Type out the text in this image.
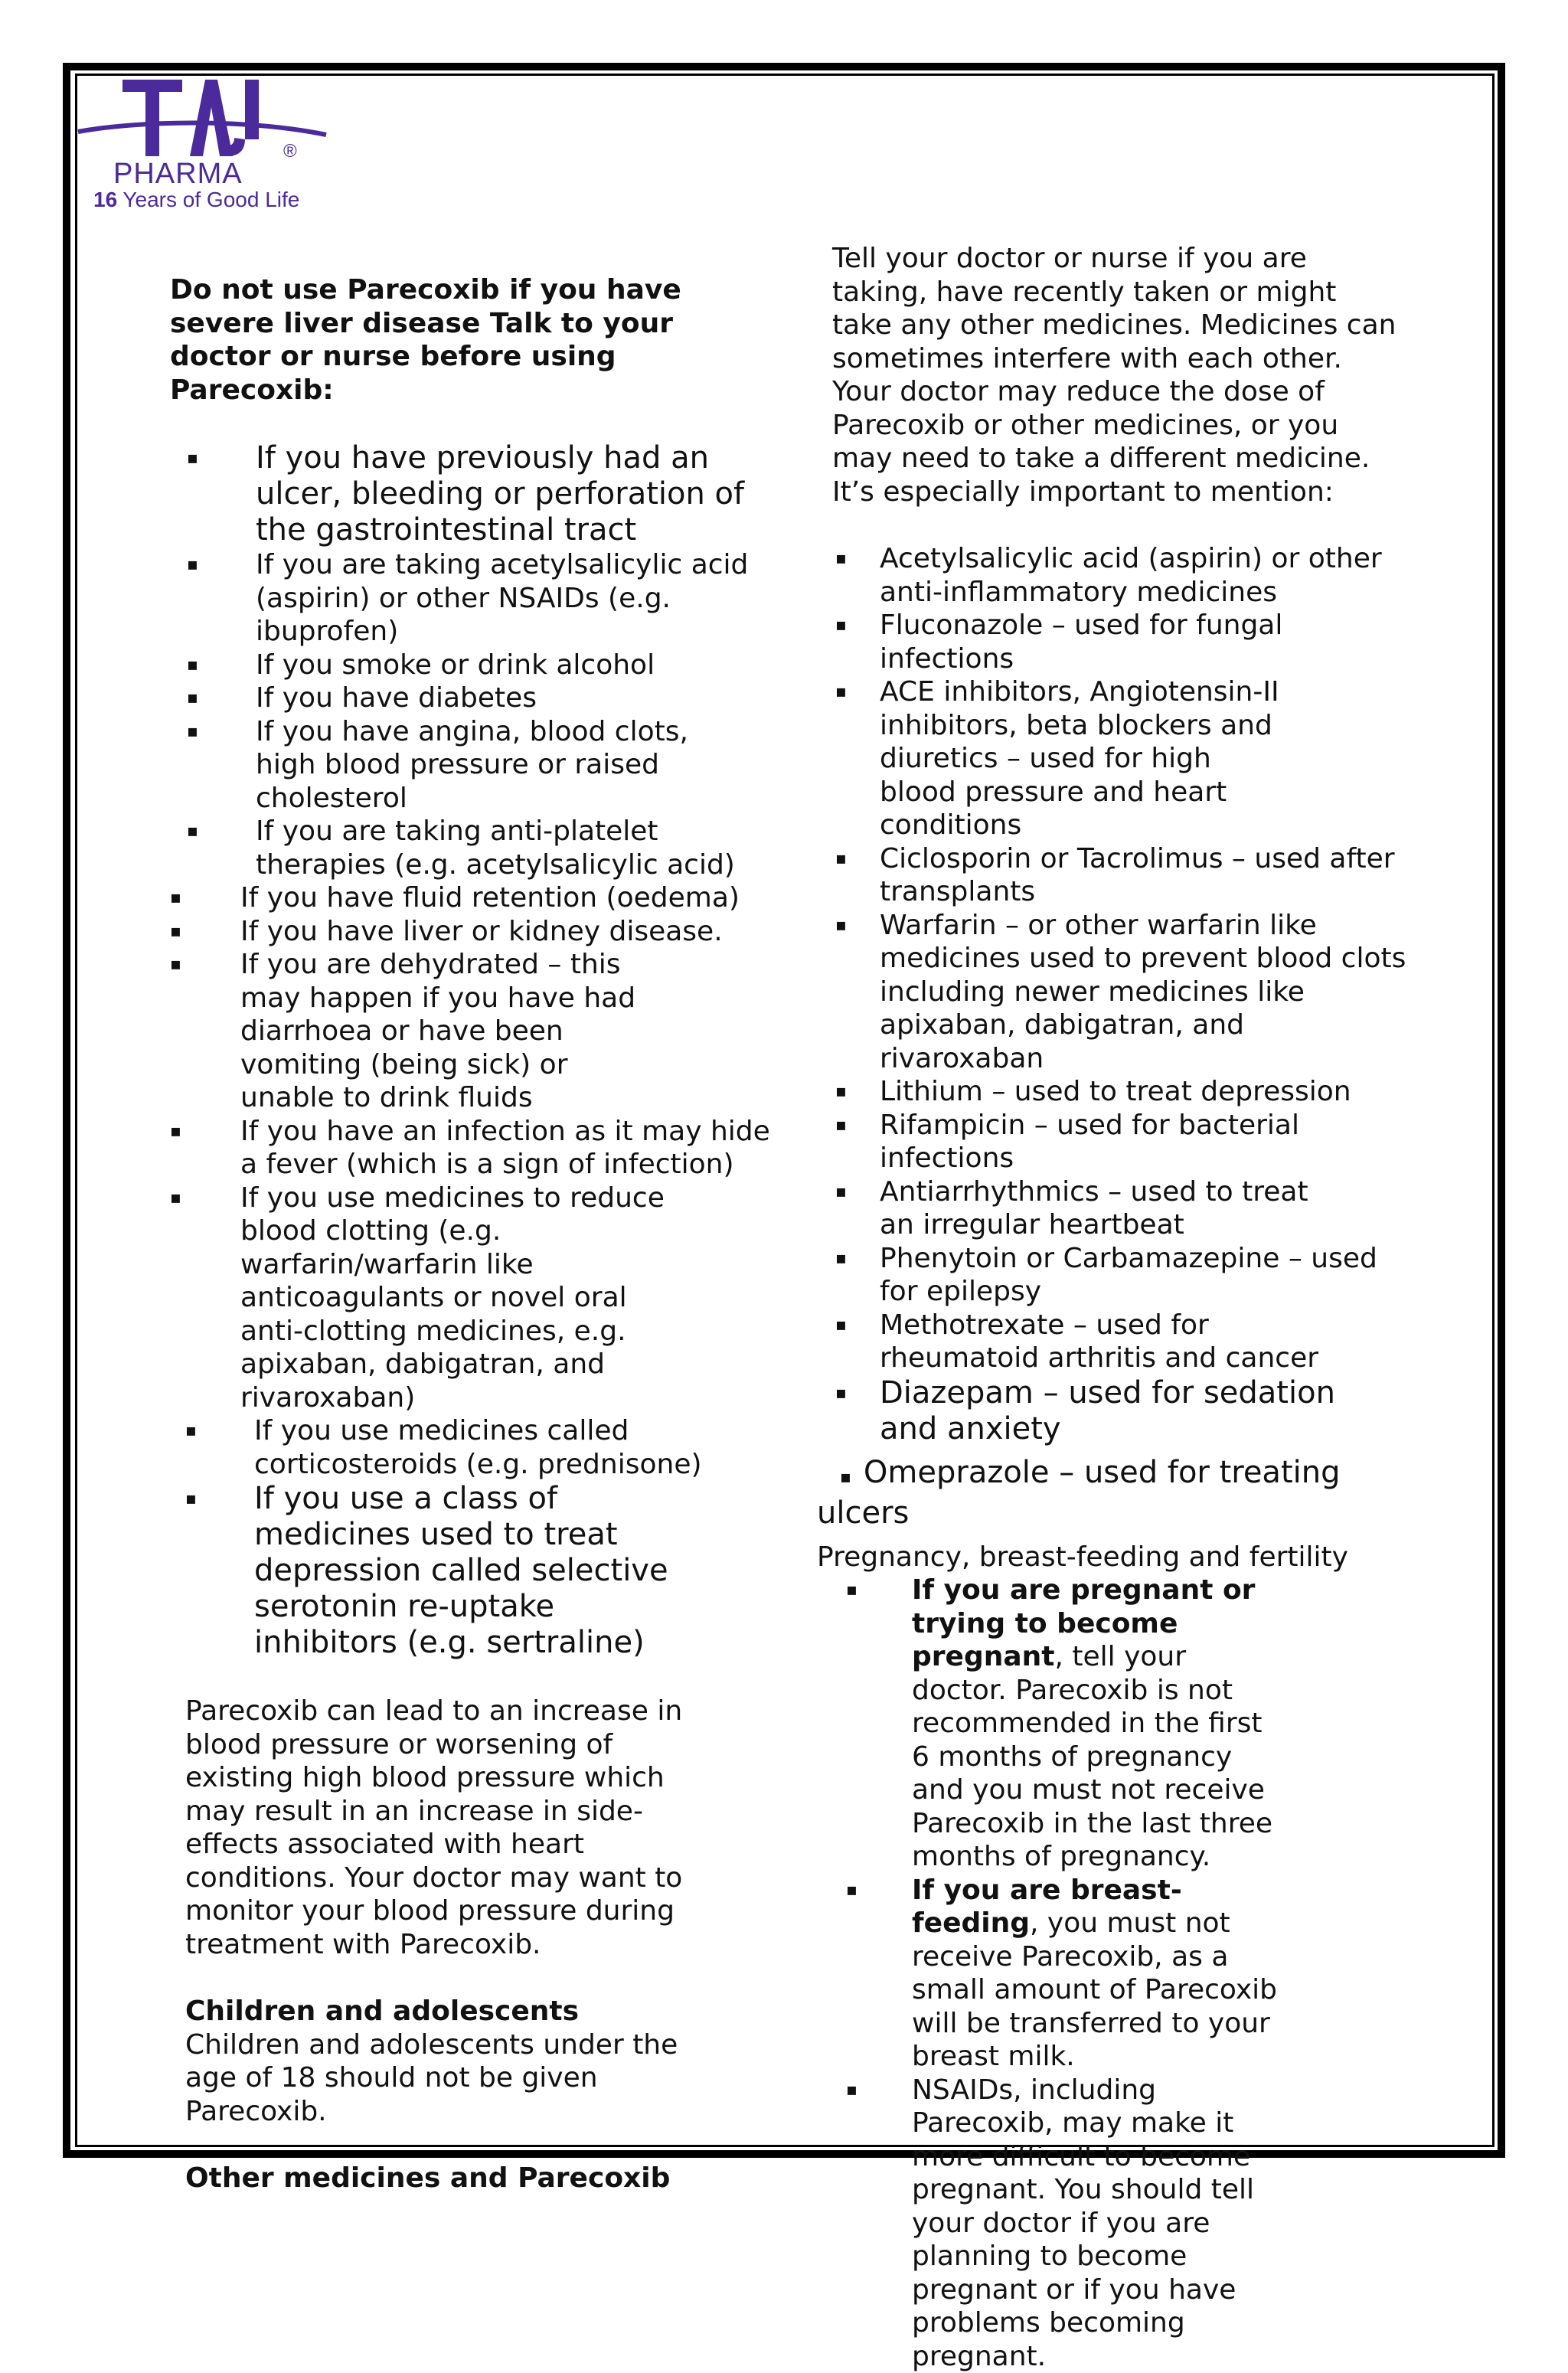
®
PHARMA
16 Years of Good Life

Do not use Parecoxib if you have severe liver disease Talk to your doctor or nurse before using Parecoxib:

▪ If you have previously had an ulcer, bleeding or perforation of the gastrointestinal tract
▪ If you are taking acetylsalicylic acid (aspirin) or other NSAIDs (e.g. ibuprofen)
▪ If you smoke or drink alcohol
▪ If you have diabetes
▪ If you have angina, blood clots, high blood pressure or raised cholesterol
▪ If you are taking anti-platelet therapies (e.g. acetylsalicylic acid)
▪ If you have fluid retention (oedema)
▪ If you have liver or kidney disease.
▪ If you are dehydrated – this may happen if you have had diarrhoea or have been vomiting (being sick) or unable to drink fluids
▪ If you have an infection as it may hide a fever (which is a sign of infection)
▪ If you use medicines to reduce blood clotting (e.g. warfarin/warfarin like anticoagulants or novel oral anti-clotting medicines, e.g. apixaban, dabigatran, and rivaroxaban)
▪ If you use medicines called corticosteroids (e.g. prednisone)
▪ If you use a class of medicines used to treat depression called selective serotonin re-uptake inhibitors (e.g. sertraline)

Parecoxib can lead to an increase in blood pressure or worsening of existing high blood pressure which may result in an increase in side-effects associated with heart conditions. Your doctor may want to monitor your blood pressure during treatment with Parecoxib.

Children and adolescents

Children and adolescents under the age of 18 should not be given Parecoxib.

Other medicines and Parecoxib

Tell your doctor or nurse if you are taking, have recently taken or might take any other medicines. Medicines can sometimes interfere with each other. Your doctor may reduce the dose of Parecoxib or other medicines, or you may need to take a different medicine. It’s especially important to mention:

▪ Acetylsalicylic acid (aspirin) or other anti-inflammatory medicines
▪ Fluconazole – used for fungal infections
▪ ACE inhibitors, Angiotensin-II inhibitors, beta blockers and diuretics – used for high blood pressure and heart conditions
▪ Ciclosporin or Tacrolimus – used after transplants
▪ Warfarin – or other warfarin like medicines used to prevent blood clots including newer medicines like apixaban, dabigatran, and rivaroxaban
▪ Lithium – used to treat depression
▪ Rifampicin – used for bacterial infections
▪ Antiarrhythmics – used to treat an irregular heartbeat
▪ Phenytoin or Carbamazepine – used for epilepsy
▪ Methotrexate – used for rheumatoid arthritis and cancer
▪ Diazepam – used for sedation and anxiety

▪ Omeprazole – used for treating ulcers

Pregnancy, breast-feeding and fertility

▪ If you are pregnant or trying to become pregnant, tell your doctor. Parecoxib is not recommended in the first 6 months of pregnancy and you must not receive Parecoxib in the last three months of pregnancy.
▪ If you are breast-feeding, you must not receive Parecoxib, as a small amount of Parecoxib will be transferred to your breast milk.
▪ NSAIDs, including Parecoxib, may make it more difficult to become pregnant. You should tell your doctor if you are planning to become pregnant or if you have problems becoming pregnant.
